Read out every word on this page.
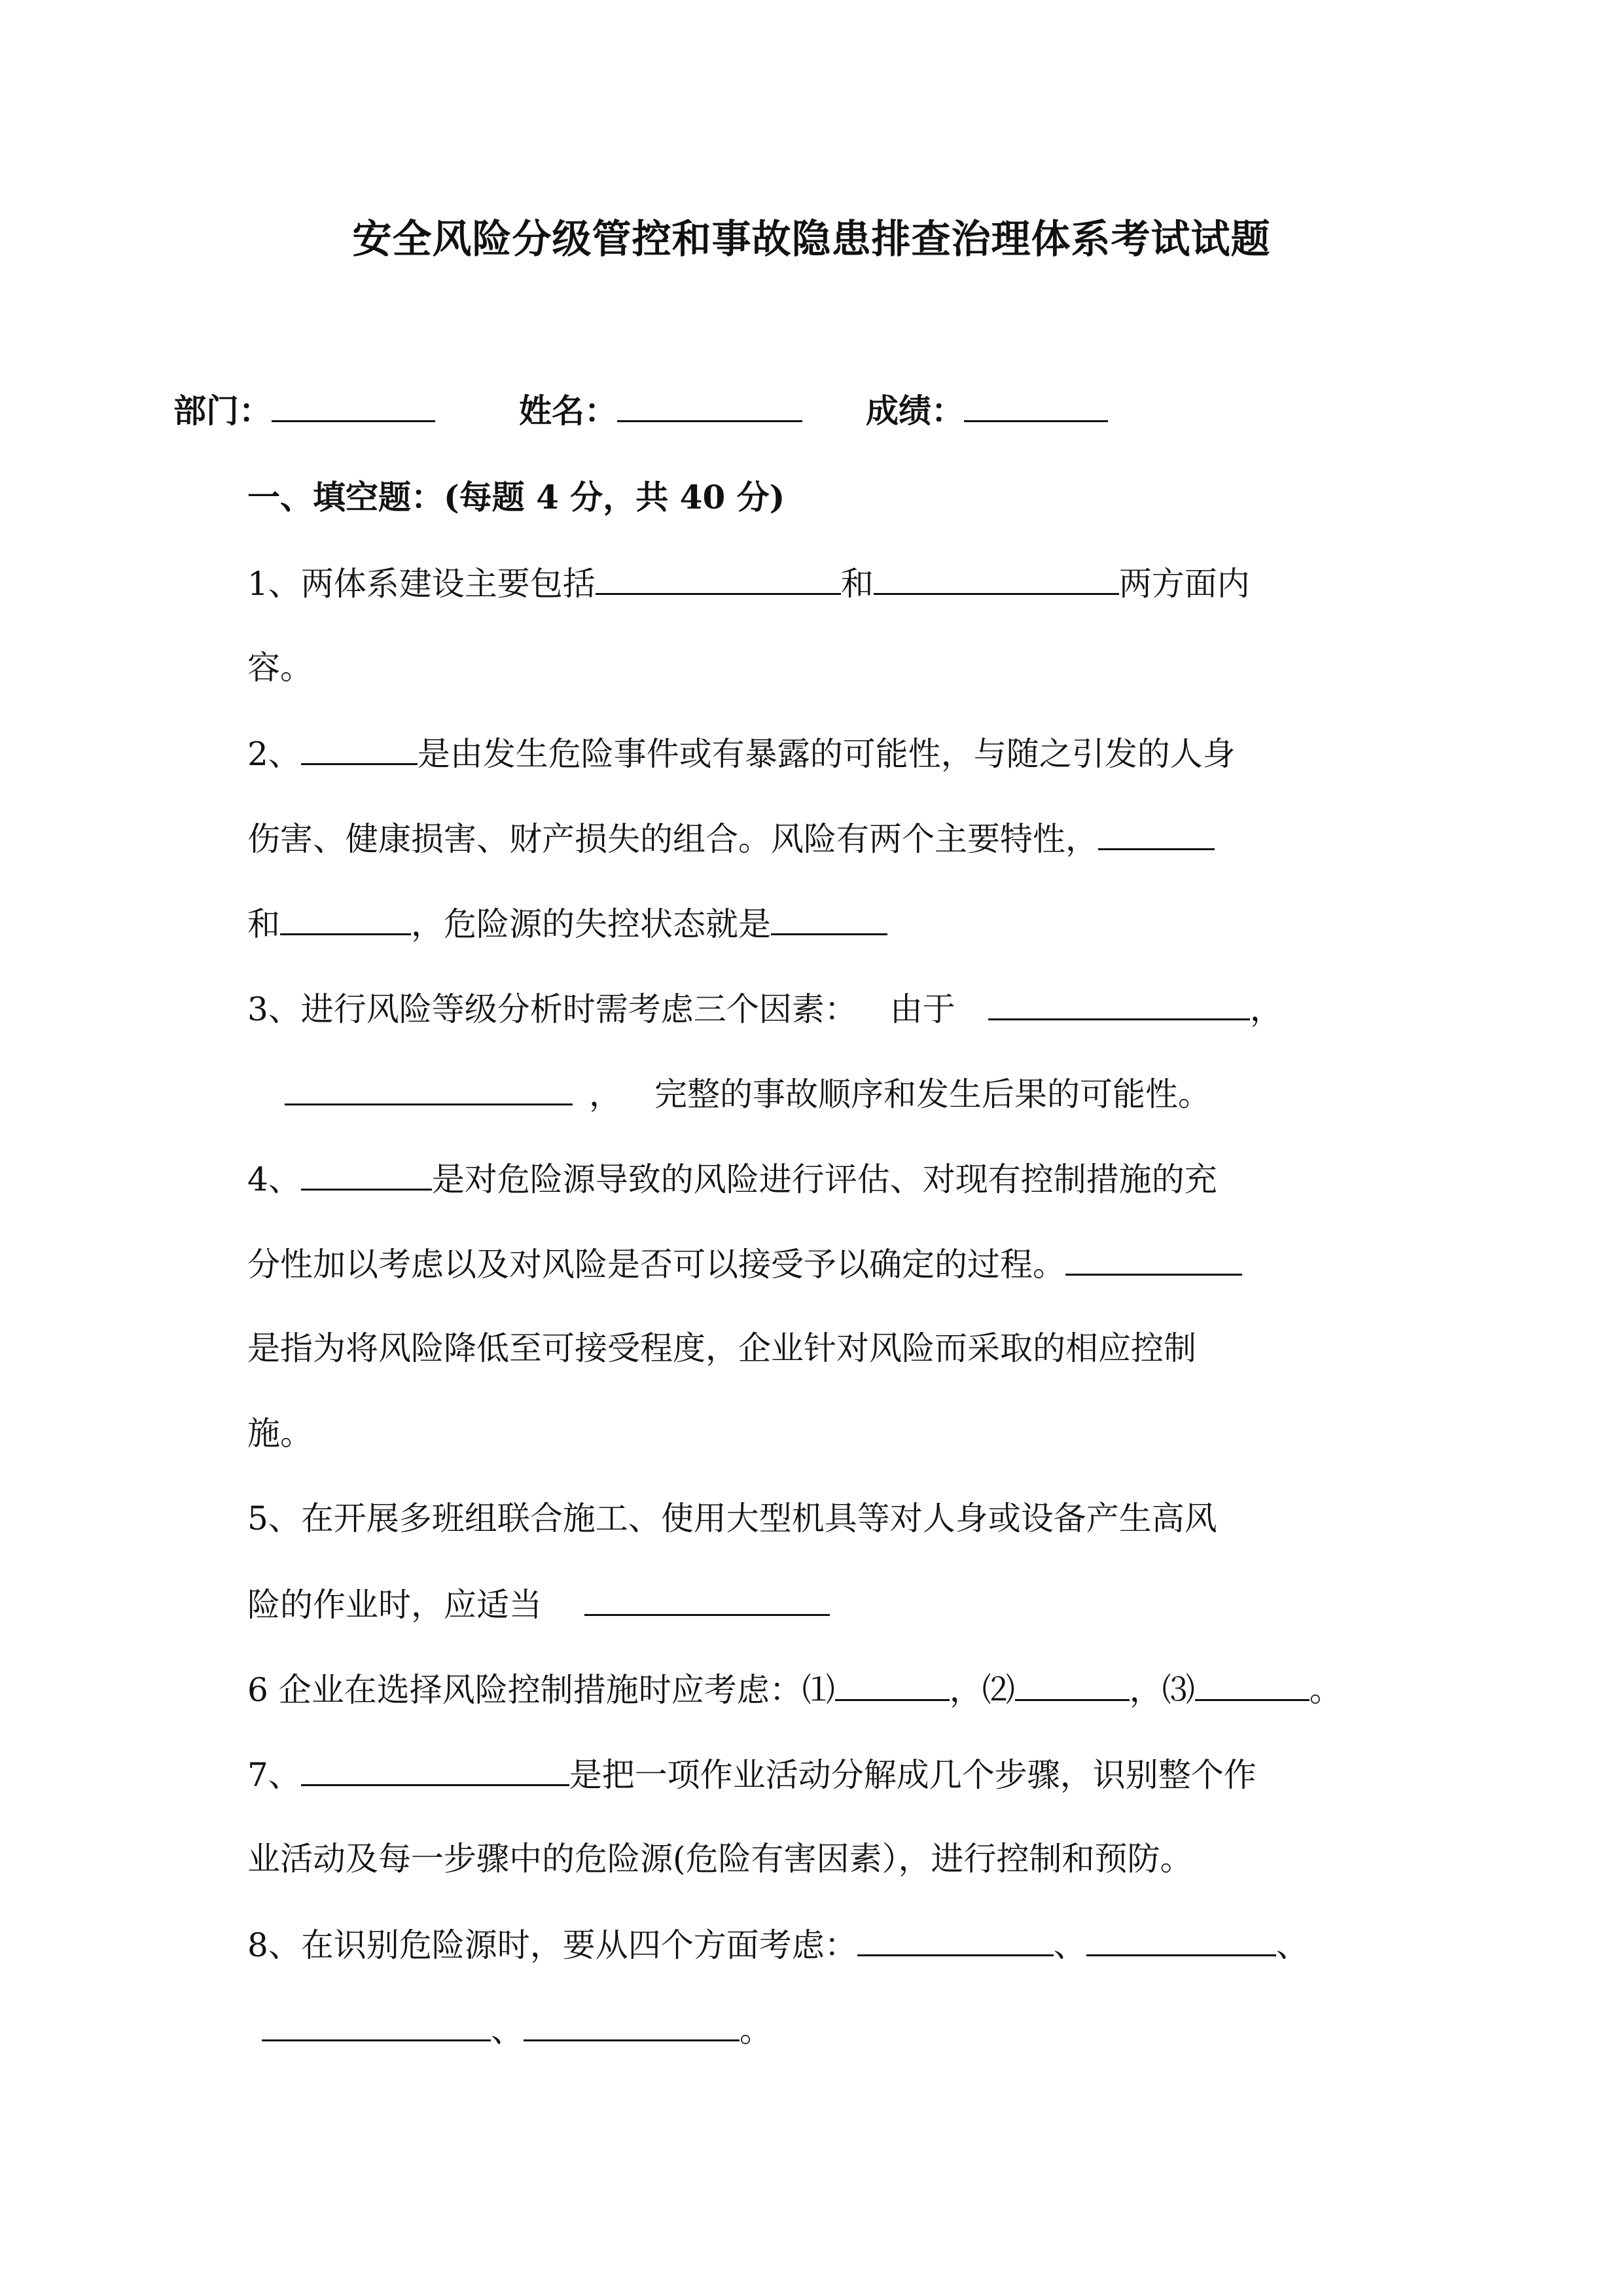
安全风险分级管控和事故隐患排查治理体系考试试题
部门：	姓名：	成绩：
一、填空题：(每题 4 分，共 40 分)
1、两体系建设主要包括	和	两方面内
容。
2、	是由发生危险事件或有暴露的可能性，与随之引发的人身
伤害、健康损害、财产损失的组合。风险有两个主要特性，
和	，危险源的失控状态就是
3、进行风险等级分析时需考虑三个因素： 由于	，
， 完整的事故顺序和发生后果的可能性。
4、	是对危险源导致的风险进行评估、对现有控制措施的充
分性加以考虑以及对风险是否可以接受予以确定的过程。
是指为将风险降低至可接受程度，企业针对风险而采取的相应控制
施。
5、在开展多班组联合施工、使用大型机具等对人身或设备产生高风
险的作业时，应适当
6 企业在选择风险控制措施时应考虑：⑴	，⑵	，⑶	。
7、	是把一项作业活动分解成几个步骤，识别整个作
业活动及每一步骤中的危险源(危险有害因素），进行控制和预防。
8、在识别危险源时，要从四个方面考虑：	、	、
、	。
